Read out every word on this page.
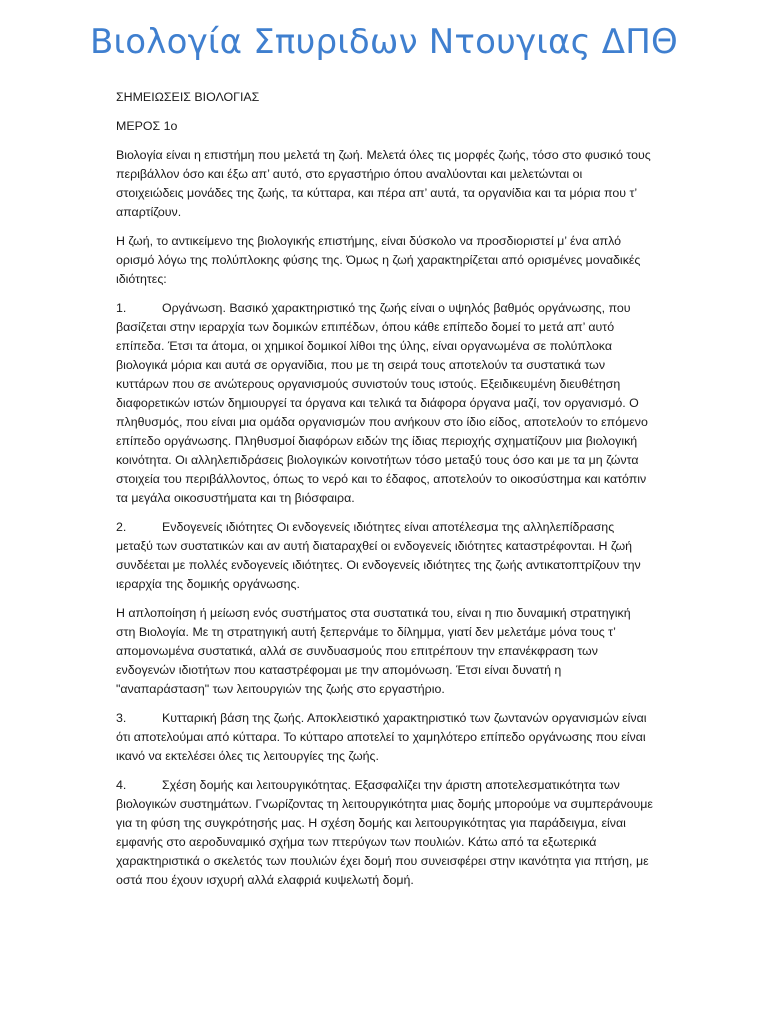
Βιολογία Σπυριδων Ντουγιας ΔΠΘ

ΣΗΜΕΙΩΣΕΙΣ ΒΙΟΛΟΓΙΑΣ

ΜΕΡΟΣ 1ο

Βιολογία είναι η επιστήμη που μελετά τη ζωή. Μελετά όλες τις μορφές ζωής, τόσο στο φυσικό τους περιβάλλον όσο και έξω απ’ αυτό, στο εργαστήριο όπου αναλύονται και μελετώνται οι στοιχειώδεις μονάδες της ζωής, τα κύτταρα, και πέρα απ’ αυτά, τα οργανίδια και τα μόρια που τ’ απαρτίζουν.

Η ζωή, το αντικείμενο της βιολογικής επιστήμης, είναι δύσκολο να προσδιοριστεί μ’ ένα απλό ορισμό λόγω της πολύπλοκης φύσης της. Όμως η ζωή χαρακτηρίζεται από ορισμένες μοναδικές ιδιότητες:

1.	Οργάνωση. Βασικό χαρακτηριστικό της ζωής είναι ο υψηλός βαθμός οργάνωσης, που βασίζεται στην ιεραρχία των δομικών επιπέδων, όπου κάθε επίπεδο δομεί το μετά απ’ αυτό επίπεδα. Έτσι τα άτομα, οι χημικοί δομικοί λίθοι της ύλης, είναι οργανωμένα σε πολύπλοκα βιολογικά μόρια και αυτά σε οργανίδια, που με τη σειρά τους αποτελούν τα συστατικά των κυττάρων που σε ανώτερους οργανισμούς συνιστούν τους ιστούς. Εξειδικευμένη διευθέτηση διαφορετικών ιστών δημιουργεί τα όργανα και τελικά τα διάφορα όργανα μαζί, τον οργανισμό. Ο πληθυσμός, που είναι μια ομάδα οργανισμών που ανήκουν στο ίδιο είδος, αποτελούν το επόμενο επίπεδο οργάνωσης. Πληθυσμοί διαφόρων ειδών της ίδιας περιοχής σχηματίζουν μια βιολογική κοινότητα. Οι αλληλεπιδράσεις βιολογικών κοινοτήτων τόσο μεταξύ τους όσο και με τα μη ζώντα στοιχεία του περιβάλλοντος, όπως το νερό και το έδαφος, αποτελούν το οικοσύστημα και κατόπιν τα μεγάλα οικοσυστήματα και τη βιόσφαιρα.

2.	Ενδογενείς ιδιότητες Οι ενδογενείς ιδιότητες είναι αποτέλεσμα της αλληλεπίδρασης μεταξύ των συστατικών και αν αυτή διαταραχθεί οι ενδογενείς ιδιότητες καταστρέφονται. Η ζωή συνδέεται με πολλές ενδογενείς ιδιότητες. Οι ενδογενείς ιδιότητες της ζωής αντικατοπτρίζουν την ιεραρχία της δομικής οργάνωσης.

Η απλοποίηση ή μείωση ενός συστήματος στα συστατικά του, είναι η πιο δυναμική στρατηγική στη Βιολογία. Με τη στρατηγική αυτή ξεπερνάμε το δίλημμα, γιατί δεν μελετάμε μόνα τους τ’ απομονωμένα συστατικά, αλλά σε συνδυασμούς που επιτρέπουν την επανέκφραση των ενδογενών ιδιοτήτων που καταστρέφομαι με την απομόνωση. Έτσι είναι δυνατή η "αναπαράσταση" των λειτουργιών της ζωής στο εργαστήριο.

3.	Κυτταρική βάση της ζωής. Αποκλειστικό χαρακτηριστικό των ζωντανών οργανισμών είναι ότι αποτελούμαι από κύτταρα. Το κύτταρο αποτελεί το χαμηλότερο επίπεδο οργάνωσης που είναι ικανό να εκτελέσει όλες τις λειτουργίες της ζωής.

4.	Σχέση δομής και λειτουργικότητας. Εξασφαλίζει την άριστη αποτελεσματικότητα των βιολογικών συστημάτων. Γνωρίζοντας τη λειτουργικότητα μιας δομής μπορούμε να συμπεράνουμε για τη φύση της συγκρότησής μας. Η σχέση δομής και λειτουργικότητας για παράδειγμα, είναι εμφανής στο αεροδυναμικό σχήμα των πτερύγων των πουλιών. Κάτω από τα εξωτερικά χαρακτηριστικά ο σκελετός των πουλιών έχει δομή που συνεισφέρει στην ικανότητα για πτήση, με οστά που έχουν ισχυρή αλλά ελαφριά κυψελωτή δομή.
